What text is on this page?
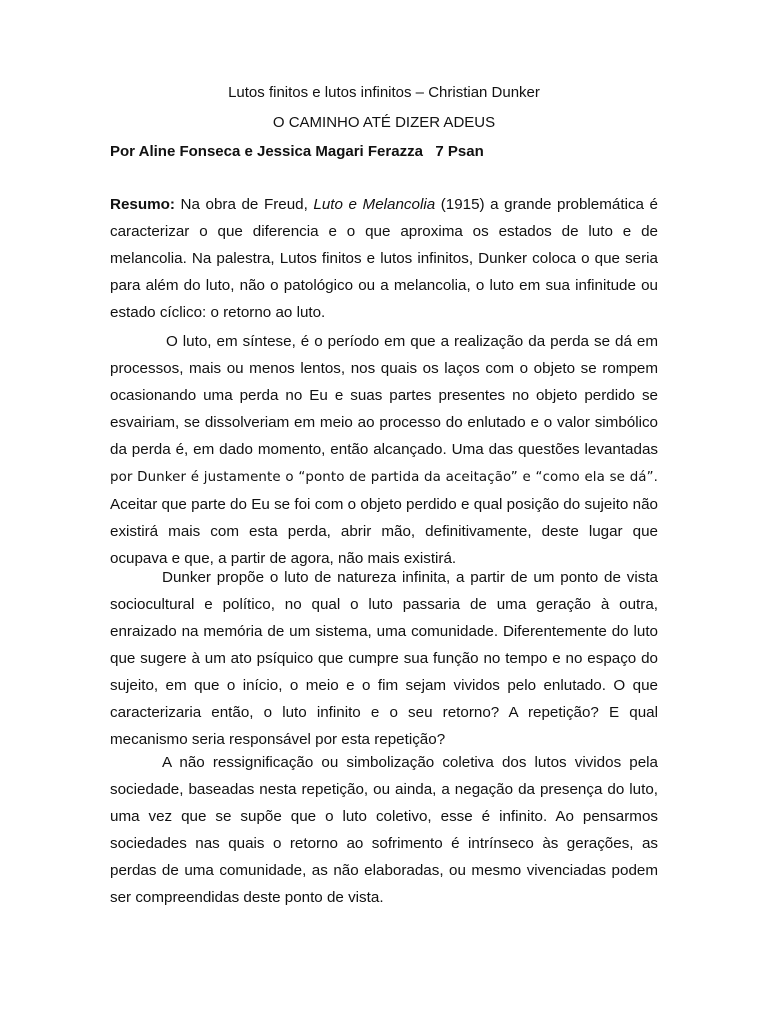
Lutos finitos e lutos infinitos – Christian Dunker
O CAMINHO ATÉ DIZER ADEUS
Por Aline Fonseca e Jessica Magari Ferazza   7 Psan
Resumo: Na obra de Freud, Luto e Melancolia (1915) a grande problemática é caracterizar o que diferencia e o que aproxima os estados de luto e de melancolia. Na palestra, Lutos finitos e lutos infinitos, Dunker coloca o que seria para além do luto, não o patológico ou a melancolia, o luto em sua infinitude ou estado cíclico: o retorno ao luto.
O luto, em síntese, é o período em que a realização da perda se dá em processos, mais ou menos lentos, nos quais os laços com o objeto se rompem ocasionando uma perda no Eu e suas partes presentes no objeto perdido se esvairiam, se dissolveriam em meio ao processo do enlutado e o valor simbólico da perda é, em dado momento, então alcançado. Uma das questões levantadas por Dunker é justamente o “ponto de partida da aceitação” e “como ela se dá”. Aceitar que parte do Eu se foi com o objeto perdido e qual posição do sujeito não existirá mais com esta perda, abrir mão, definitivamente, deste lugar que ocupava e que, a partir de agora, não mais existirá.
Dunker propõe o luto de natureza infinita, a partir de um ponto de vista sociocultural e político, no qual o luto passaria de uma geração à outra, enraizado na memória de um sistema, uma comunidade. Diferentemente do luto que sugere à um ato psíquico que cumpre sua função no tempo e no espaço do sujeito, em que o início, o meio e o fim sejam vividos pelo enlutado. O que caracterizaria então, o luto infinito e o seu retorno? A repetição? E qual mecanismo seria responsável por esta repetição?
A não ressignificação ou simbolização coletiva dos lutos vividos pela sociedade, baseadas nesta repetição, ou ainda, a negação da presença do luto, uma vez que se supõe que o luto coletivo, esse é infinito. Ao pensarmos sociedades nas quais o retorno ao sofrimento é intrínseco às gerações, as perdas de uma comunidade, as não elaboradas, ou mesmo vivenciadas podem ser compreendidas deste ponto de vista.
